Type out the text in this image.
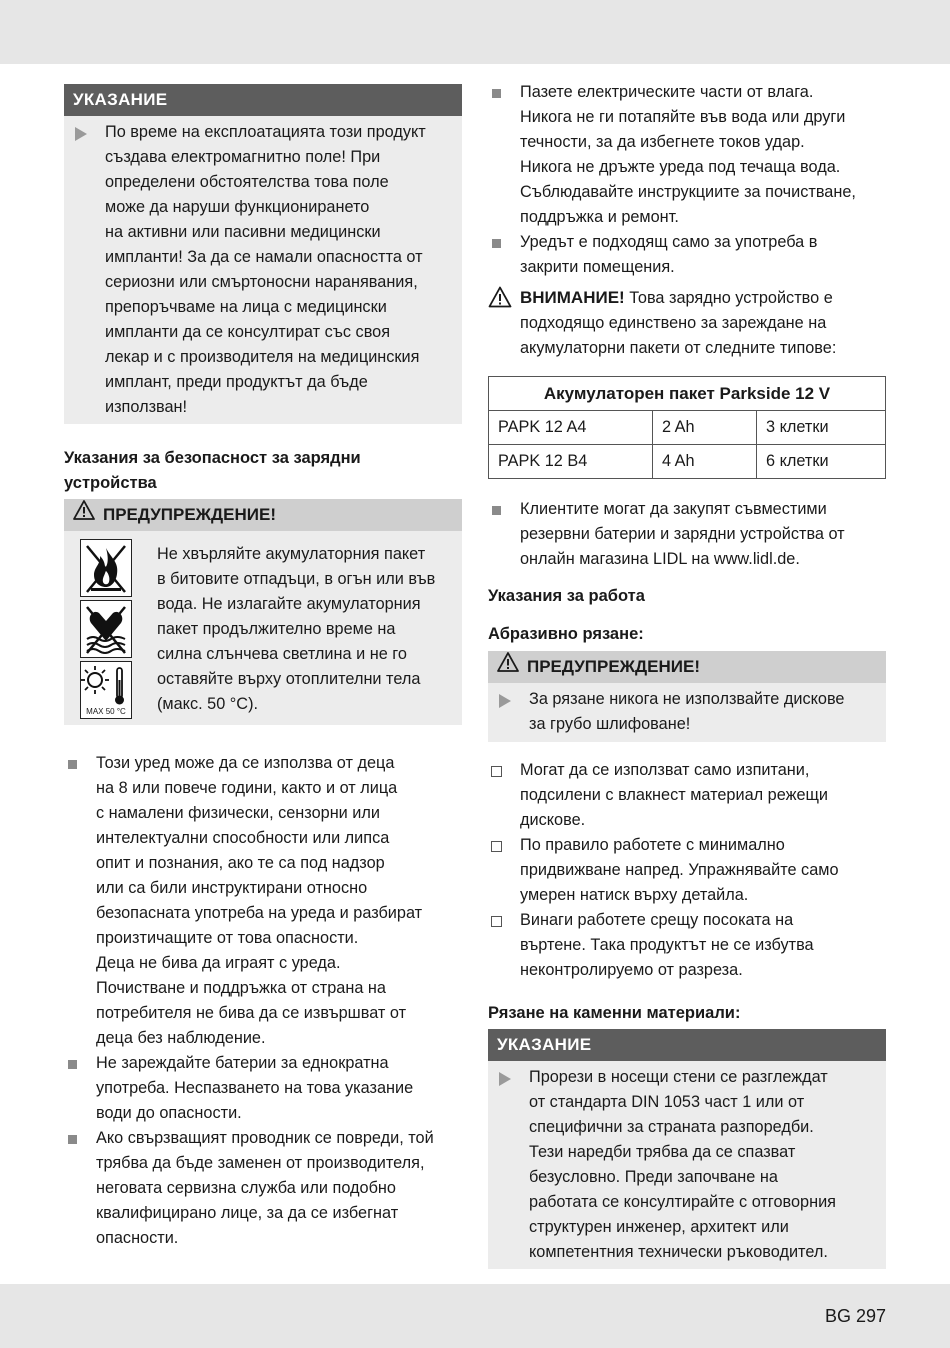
УКАЗАНИЕ
По време на експлоатацията този продукт
създава електромагнитно поле! При
определени обстоятелства това поле
може да наруши функционирането
на активни или пасивни медицински
импланти! За да се намали опасността от
сериозни или смъртоносни наранявания,
препоръчваме на лица с медицински
импланти да се консултират със своя
лекар и с производителя на медицинския
имплант, преди продуктът да бъде
използван!
Указания за безопасност за зарядни
устройства
ПРЕДУПРЕЖДЕНИЕ!
MAX 50 °C
Не хвърляйте акумулаторния пакет
в битовите отпадъци, в огън или във
вода. Не излагайте акумулаторния
пакет продължително време на
силна слънчева светлина и не го
оставяйте върху отоплителни тела
(макс. 50 °C).
Този уред може да се използва от деца
на 8 или повече години, както и от лица
с намалени физически, сензорни или
интелектуални способности или липса
опит и познания, ако те са под надзор
или са били инструктирани относно
безопасната употреба на уреда и разбират
произтичащите от това опасности.
Деца не бива да играят с уреда.
Почистване и поддръжка от страна на
потребителя не бива да се извършват от
деца без наблюдение.
Не зареждайте батерии за еднократна
употреба. Неспазването на това указание
води до опасности.
Ако свързващият проводник се повреди, той
трябва да бъде заменен от производителя,
неговата сервизна служба или подобно
квалифицирано лице, за да се избегнат
опасности.
Пазете електрическите части от влага.
Никога не ги потапяйте във вода или други
течности, за да избегнете токов удар.
Никога не дръжте уреда под течаща вода.
Съблюдавайте инструкциите за почистване,
поддръжка и ремонт.
Уредът е подходящ само за употреба в
закрити помещения.
ВНИМАНИЕ! Това зарядно устройство е
подходящо единствено за зареждане на
акумулаторни пакети от следните типове:
Акумулаторен пакет Parkside 12 V		
PAPK 12 A4	2 Ah	3 клетки
PAPK 12 B4	4 Ah	6 клетки
Клиентите могат да закупят съвместими
резервни батерии и зарядни устройства от
онлайн магазина LIDL на www.lidl.de.
Указания за работа
Абразивно рязане:
ПРЕДУПРЕЖДЕНИЕ!
За рязане никога не използвайте дискове
за грубо шлифоване!
Могат да се използват само изпитани,
подсилени с влакнест материал режещи
дискове.
По правило работете с минимално
придвижване напред. Упражнявайте само
умерен натиск върху детайла.
Винаги работете срещу посоката на
въртене. Така продуктът не се избутва
неконтролируемо от разреза.
Рязане на каменни материали:
УКАЗАНИЕ
Прорези в носещи стени се разглеждат
от стандарта DIN 1053 част 1 или от
специфични за страната разпоредби.
Тези наредби трябва да се спазват
безусловно. Преди започване на
работата се консултирайте с отговорния
структурен инженер, архитект или
компетентния технически ръководител.
BG 297
